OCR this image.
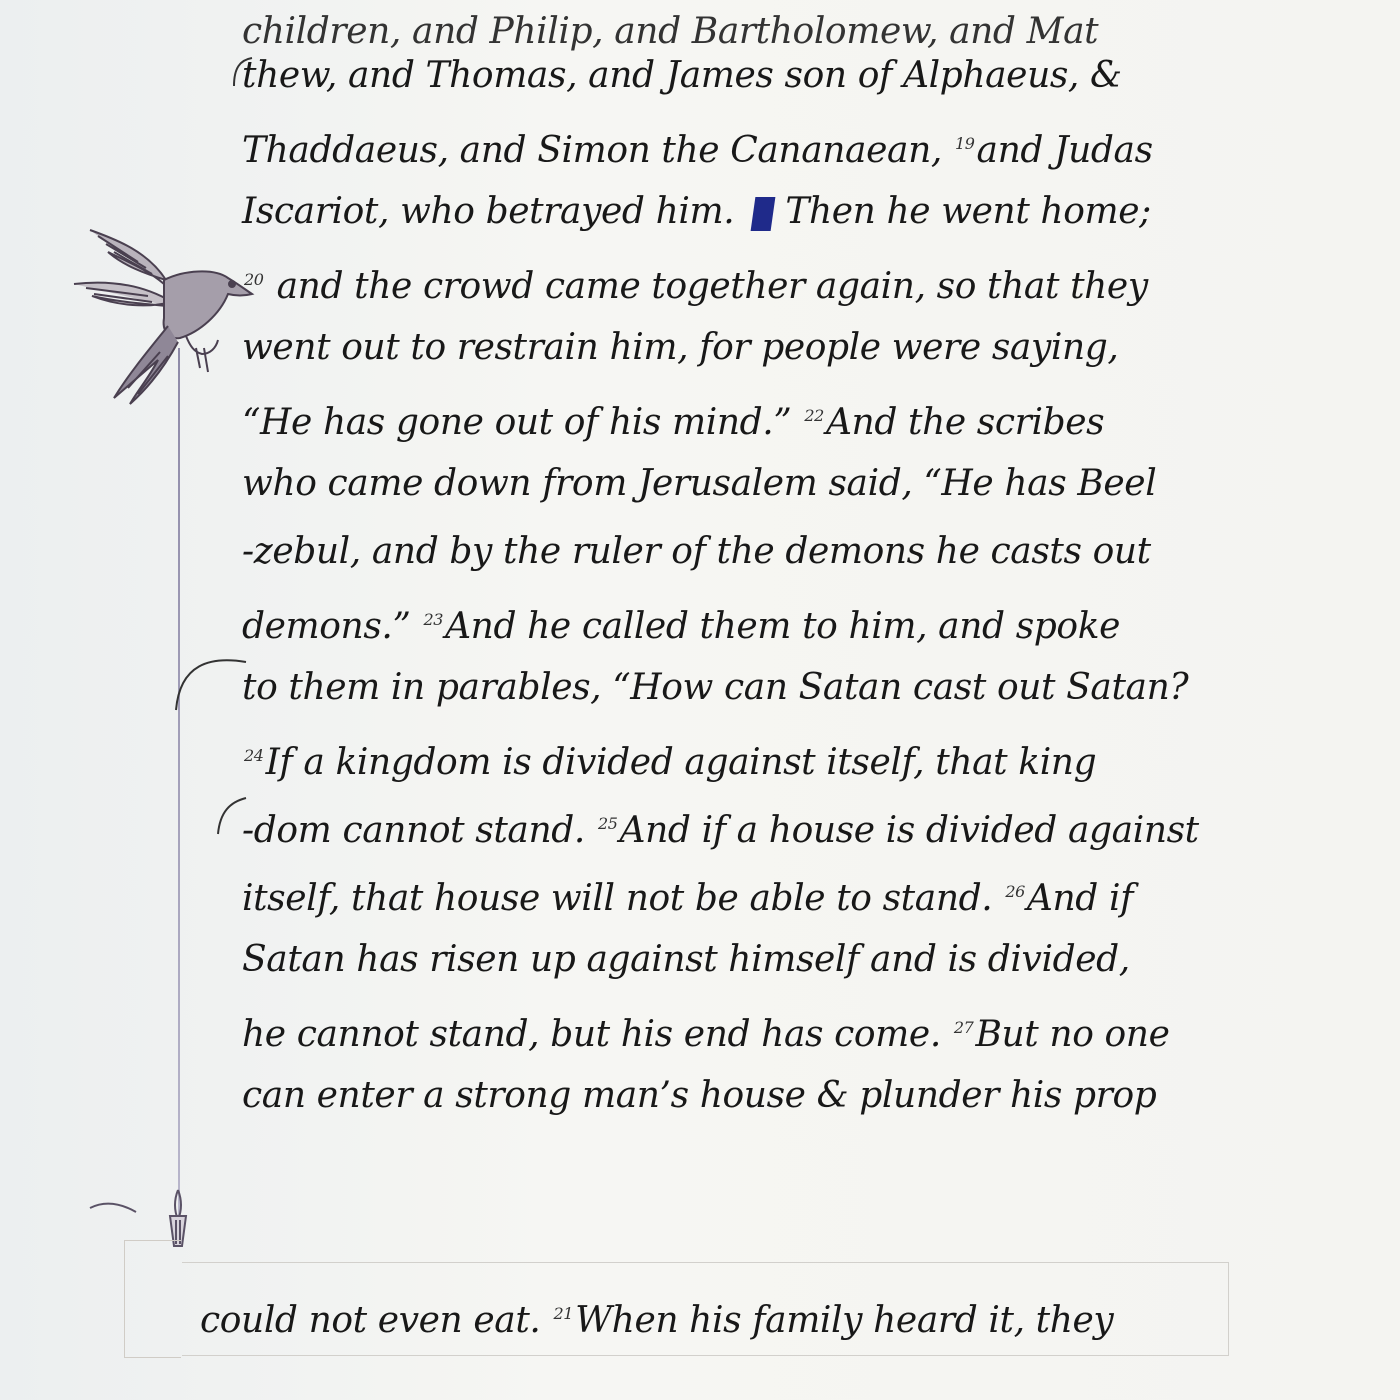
children, and Philip, and Bartholomew, and Mat
thew, and Thomas, and James son of Alphaeus, &
Thaddaeus, and Simon the Cananaean, $^{19}$and Judas
Iscariot, who betrayed him. Then he went home;
$^{20}$ and the crowd came together again, so that they
went out to restrain him, for people were saying,
“He has gone out of his mind.” $^{22}$And the scribes
who came down from Jerusalem said, “He has Beel
-zebul, and by the ruler of the demons he casts out
demons.” $^{23}$And he called them to him, and spoke
to them in parables, “How can Satan cast out Satan?
$^{24}$If a kingdom is divided against itself, that king
-dom cannot stand. $^{25}$And if a house is divided against
itself, that house will not be able to stand. $^{26}$And if
Satan has risen up against himself and is divided,
he cannot stand, but his end has come. $^{27}$But no one
can enter a strong man’s house & plunder his prop
could not even eat. $^{21}$When his family heard it, they
